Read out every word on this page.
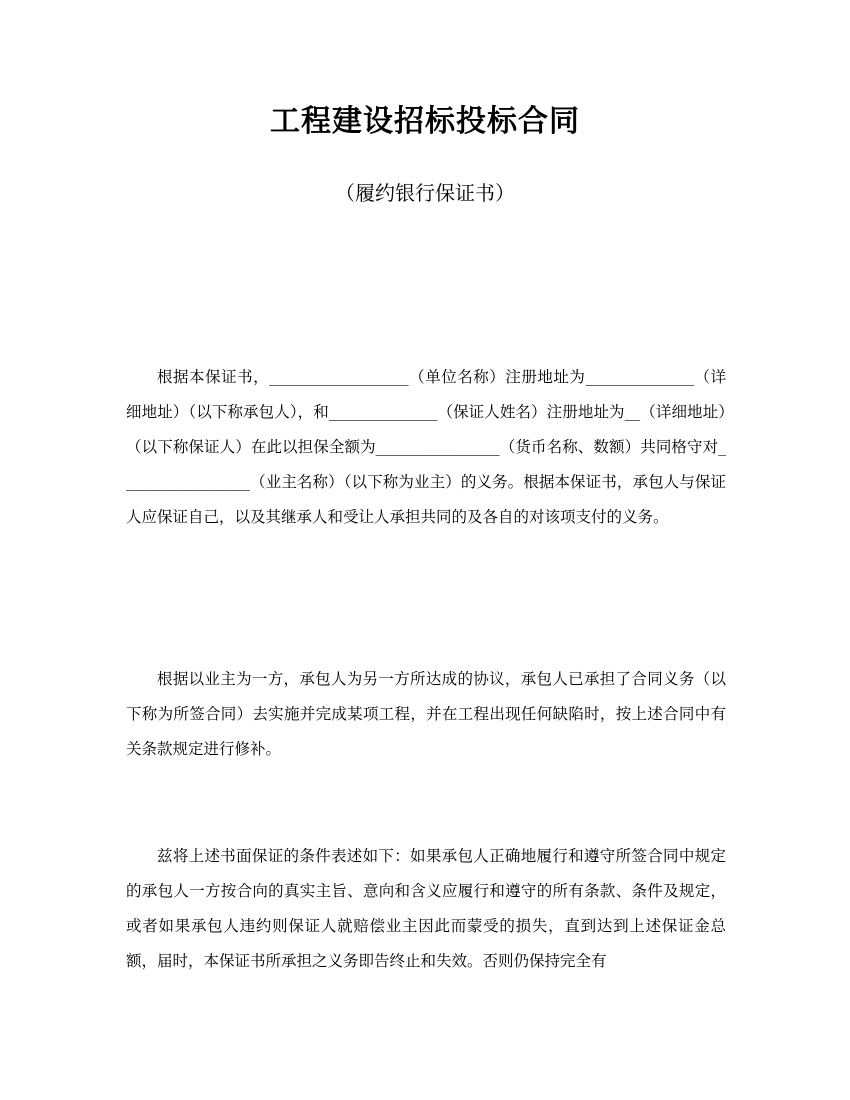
工程建设招标投标合同
（履约银行保证书）

根据本保证书，__________________（单位名称）注册地址为______________（详细地址）（以下称承包人），和______________（保证人姓名）注册地址为__（详细地址）（以下称保证人）在此以担保全额为________________（货币名称、数额）共同格守对_________________（业主名称）（以下称为业主）的义务。根据本保证书，承包人与保证人应保证自己，以及其继承人和受让人承担共同的及各自的对该项支付的义务。

根据以业主为一方，承包人为另一方所达成的协议，承包人已承担了合同义务（以下称为所签合同）去实施并完成某项工程，并在工程出现任何缺陷时，按上述合同中有关条款规定进行修补。

兹将上述书面保证的条件表述如下：如果承包人正确地履行和遵守所签合同中规定的承包人一方按合向的真实主旨、意向和含义应履行和遵守的所有条款、条件及规定，或者如果承包人违约则保证人就赔偿业主因此而蒙受的损失，直到达到上述保证金总额，届时，本保证书所承担之义务即告终止和失效。否则仍保持完全有
